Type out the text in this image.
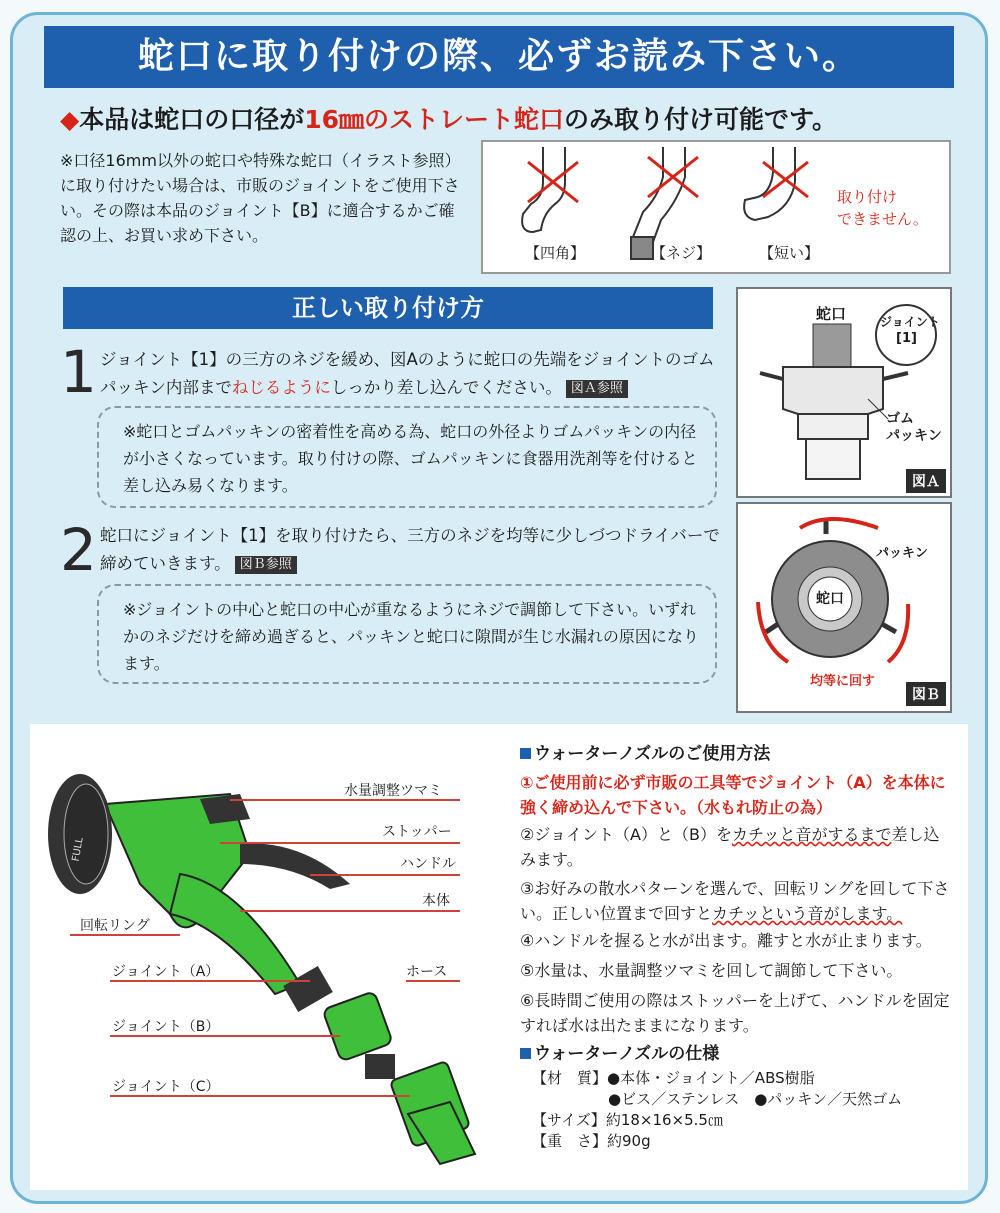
蛇口に取り付けの際、必ずお読み下さい。
◆本品は蛇口の口径が16㎜のストレート蛇口のみ取り付け可能です。
※口径16mm以外の蛇口や特殊な蛇口（イラスト参照）に取り付けたい場合は、市販のジョイントをご使用下さい。その際は本品のジョイント【B】に適合するかご確認の上、お買い求め下さい。
【四角】	【ネジ】	【短い】
取り付け
できません。
正しい取り付け方
1 ジョイント【1】の三方のネジを緩め、図Aのように蛇口の先端をジョイントのゴムパッキン内部までねじるようにしっかり差し込んでください。 図Ａ参照
※蛇口とゴムパッキンの密着性を高める為、蛇口の外径よりゴムパッキンの内径が小さくなっています。取り付けの際、ゴムパッキンに食器用洗剤等を付けると差し込み易くなります。
2 蛇口にジョイント【1】を取り付けたら、三方のネジを均等に少しづつドライバーで締めていきます。 図Ｂ参照
※ジョイントの中心と蛇口の中心が重なるようにネジで調節して下さい。いずれかのネジだけを締め過ぎると、パッキンと蛇口に隙間が生じ水漏れの原因になります。
蛇口	ジョイント
[1]
ゴム
パッキン
図Ａ
パッキン
蛇口
均等に回す
図Ｂ
水量調整ツマミ
ストッパー
ハンドル
本体
回転リング
ジョイント（A）	ホース
ジョイント（B）
ジョイント（C）
FULL
ウォーターノズルのご使用方法
①ご使用前に必ず市販の工具等でジョイント（A）を本体に強く締め込んで下さい。（水もれ防止の為）
②ジョイント（A）と（B）をカチッと音がするまで差し込みます。
③お好みの散水パターンを選んで、回転リングを回して下さい。正しい位置まで回すとカチッという音がします。
④ハンドルを握ると水が出ます。離すと水が止まります。
⑤水量は、水量調整ツマミを回して調節して下さい。
⑥長時間ご使用の際はストッパーを上げて、ハンドルを固定すれば水は出たままになります。
ウォーターノズルの仕様
【材　質】●本体・ジョイント／ABS樹脂
●ビス／ステンレス　●パッキン／天然ゴム
【サイズ】約18×16×5.5㎝
【重　さ】約90g
